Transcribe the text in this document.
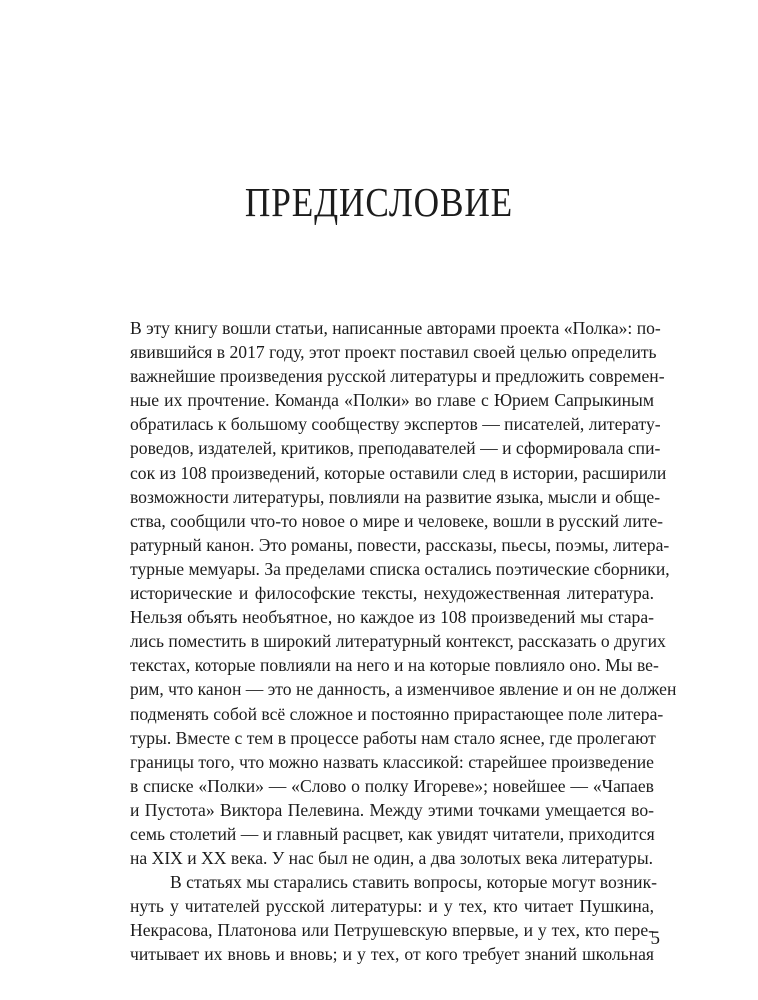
ПРЕДИСЛОВИЕ
В эту книгу вошли статьи, написанные авторами проекта «Полка»: по-
явившийся в 2017 году, этот проект поставил своей целью определить
важнейшие произведения русской литературы и предложить современ-
ные их прочтение. Команда «Полки» во главе с Юрием Сапрыкиным
обратилась к большому сообществу экспертов — писателей, литерату-
роведов, издателей, критиков, преподавателей — и сформировала спи-
сок из 108 произведений, которые оставили след в истории, расширили
возможности литературы, повлияли на развитие языка, мысли и обще-
ства, сообщили что-то новое о мире и человеке, вошли в русский лите-
ратурный канон. Это романы, повести, рассказы, пьесы, поэмы, литера-
турные мемуары. За пределами списка остались поэтические сборники,
исторические и философские тексты, нехудожественная литература.
Нельзя объять необъятное, но каждое из 108 произведений мы стара-
лись поместить в широкий литературный контекст, рассказать о других
текстах, которые повлияли на него и на которые повлияло оно. Мы ве-
рим, что канон — это не данность, а изменчивое явление и он не должен
подменять собой всё сложное и постоянно прирастающее поле литера-
туры. Вместе с тем в процессе работы нам стало яснее, где пролегают
границы того, что можно назвать классикой: старейшее произведение
в списке «Полки» — «Слово о полку Игореве»; новейшее — «Чапаев
и Пустота» Виктора Пелевина. Между этими точками умещается во-
семь столетий — и главный расцвет, как увидят читатели, приходится
на XIX и XX века. У нас был не один, а два золотых века литературы.
В статьях мы старались ставить вопросы, которые могут возник-
нуть у читателей русской литературы: и у тех, кто читает Пушкина,
Некрасова, Платонова или Петрушевскую впервые, и у тех, кто пере-
читывает их вновь и вновь; и у тех, от кого требует знаний школьная
5
